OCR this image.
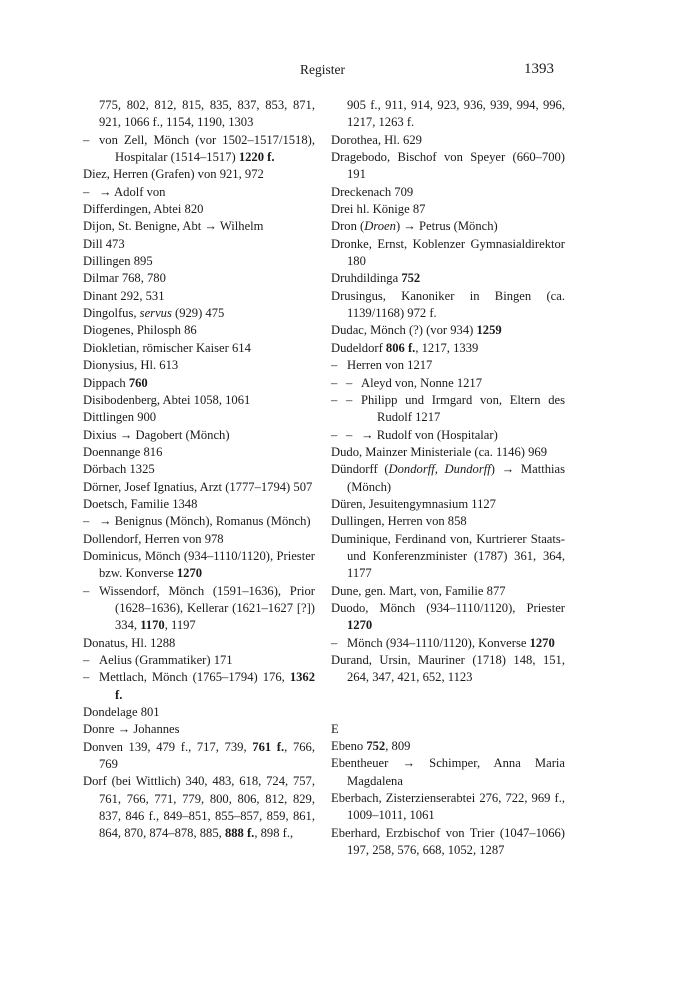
Register	1393
775, 802, 812, 815, 835, 837, 853, 871, 921, 1066 f., 1154, 1190, 1303
– von Zell, Mönch (vor 1502–1517/1518), Hospitalar (1514–1517) 1220 f.
Diez, Herren (Grafen) von 921, 972
– → Adolf von
Differdingen, Abtei 820
Dijon, St. Benigne, Abt → Wilhelm
Dill 473
Dillingen 895
Dilmar 768, 780
Dinant 292, 531
Dingolfus, servus (929) 475
Diogenes, Philosph 86
Diokletian, römischer Kaiser 614
Dionysius, Hl. 613
Dippach 760
Disibodenberg, Abtei 1058, 1061
Dittlingen 900
Dixius → Dagobert (Mönch)
Doennange 816
Dörbach 1325
Dörner, Josef Ignatius, Arzt (1777–1794) 507
Doetsch, Familie 1348
– → Benignus (Mönch), Romanus (Mönch)
Dollendorf, Herren von 978
Dominicus, Mönch (934–1110/1120), Priester bzw. Konverse 1270
– Wissendorf, Mönch (1591–1636), Prior (1628–1636), Kellerar (1621–1627 [?]) 334, 1170, 1197
Donatus, Hl. 1288
– Aelius (Grammatiker) 171
– Mettlach, Mönch (1765–1794) 176, 1362 f.
Dondelage 801
Donre → Johannes
Donven 139, 479 f., 717, 739, 761 f., 766, 769
Dorf (bei Wittlich) 340, 483, 618, 724, 757, 761, 766, 771, 779, 800, 806, 812, 829, 837, 846 f., 849–851, 855–857, 859, 861, 864, 870, 874–878, 885, 888 f., 898 f.,
905 f., 911, 914, 923, 936, 939, 994, 996, 1217, 1263 f.
Dorothea, Hl. 629
Dragebodo, Bischof von Speyer (660–700) 191
Dreckenach 709
Drei hl. Könige 87
Dron (Droen) → Petrus (Mönch)
Dronke, Ernst, Koblenzer Gymnasialdirektor 180
Druhdildinga 752
Drusingus, Kanoniker in Bingen (ca. 1139/1168) 972 f.
Dudac, Mönch (?) (vor 934) 1259
Dudeldorf 806 f., 1217, 1339
– Herren von 1217
– – Aleyd von, Nonne 1217
– – Philipp und Irmgard von, Eltern des Rudolf 1217
– – → Rudolf von (Hospitalar)
Dudo, Mainzer Ministeriale (ca. 1146) 969
Dündorff (Dondorff, Dundorff) → Matthias (Mönch)
Düren, Jesuitengymnasium 1127
Dullingen, Herren von 858
Duminique, Ferdinand von, Kurtrierer Staats- und Konferenzminister (1787) 361, 364, 1177
Dune, gen. Mart, von, Familie 877
Duodo, Mönch (934–1110/1120), Priester 1270
– Mönch (934–1110/1120), Konverse 1270
Durand, Ursin, Mauriner (1718) 148, 151, 264, 347, 421, 652, 1123
E
Ebeno 752, 809
Ebentheuer → Schimper, Anna Maria Magdalena
Eberbach, Zisterzienserabtei 276, 722, 969 f., 1009–1011, 1061
Eberhard, Erzbischof von Trier (1047–1066) 197, 258, 576, 668, 1052, 1287
